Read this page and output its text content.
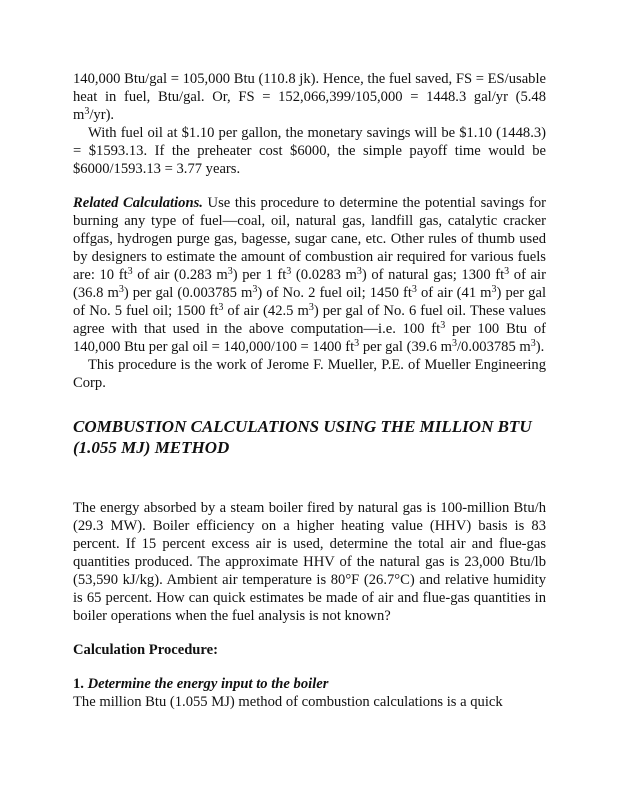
140,000 Btu/gal = 105,000 Btu (110.8 jk). Hence, the fuel saved, FS = ES/usable heat in fuel, Btu/gal. Or, FS = 152,066,399/105,000 = 1448.3 gal/yr (5.48 $m^3/yr$).

With fuel oil at $1.10 per gallon, the monetary savings will be $1.10 (1448.3) = $1593.13. If the preheater cost $6000, the simple payoff time would be $6000/1593.13 = 3.77 years.

Related Calculations. Use this procedure to determine the potential savings for burning any type of fuel—coal, oil, natural gas, landfill gas, catalytic cracker offgas, hydrogen purge gas, bagesse, sugar cane, etc. Other rules of thumb used by designers to estimate the amount of combustion air required for various fuels are: 10 $ft^3$ of air (0.283 $m^3$) per 1 $ft^3$ (0.0283 $m^3$) of natural gas; 1300 $ft^3$ of air (36.8 $m^3$) per gal (0.003785 $m^3$) of No. 2 fuel oil; 1450 $ft^3$ of air (41 $m^3$) per gal of No. 5 fuel oil; 1500 $ft^3$ of air (42.5 $m^3$) per gal of No. 6 fuel oil. These values agree with that used in the above computation—i.e. 100 $ft^3$ per 100 Btu of 140,000 Btu per gal oil = 140,000/100 = 1400 $ft^3$ per gal (39.6 $m^3/0.003785$ $m^3$).

This procedure is the work of Jerome F. Mueller, P.E. of Mueller Engineering Corp.

COMBUSTION CALCULATIONS USING THE MILLION BTU (1.055 MJ) METHOD

The energy absorbed by a steam boiler fired by natural gas is 100-million Btu/h (29.3 MW). Boiler efficiency on a higher heating value (HHV) basis is 83 percent. If 15 percent excess air is used, determine the total air and flue-gas quantities produced. The approximate HHV of the natural gas is 23,000 Btu/lb (53,590 kJ/kg). Ambient air temperature is 80°F (26.7°C) and relative humidity is 65 percent. How can quick estimates be made of air and flue-gas quantities in boiler operations when the fuel analysis is not known?

Calculation Procedure:

1. Determine the energy input to the boiler

The million Btu (1.055 MJ) method of combustion calculations is a quick
